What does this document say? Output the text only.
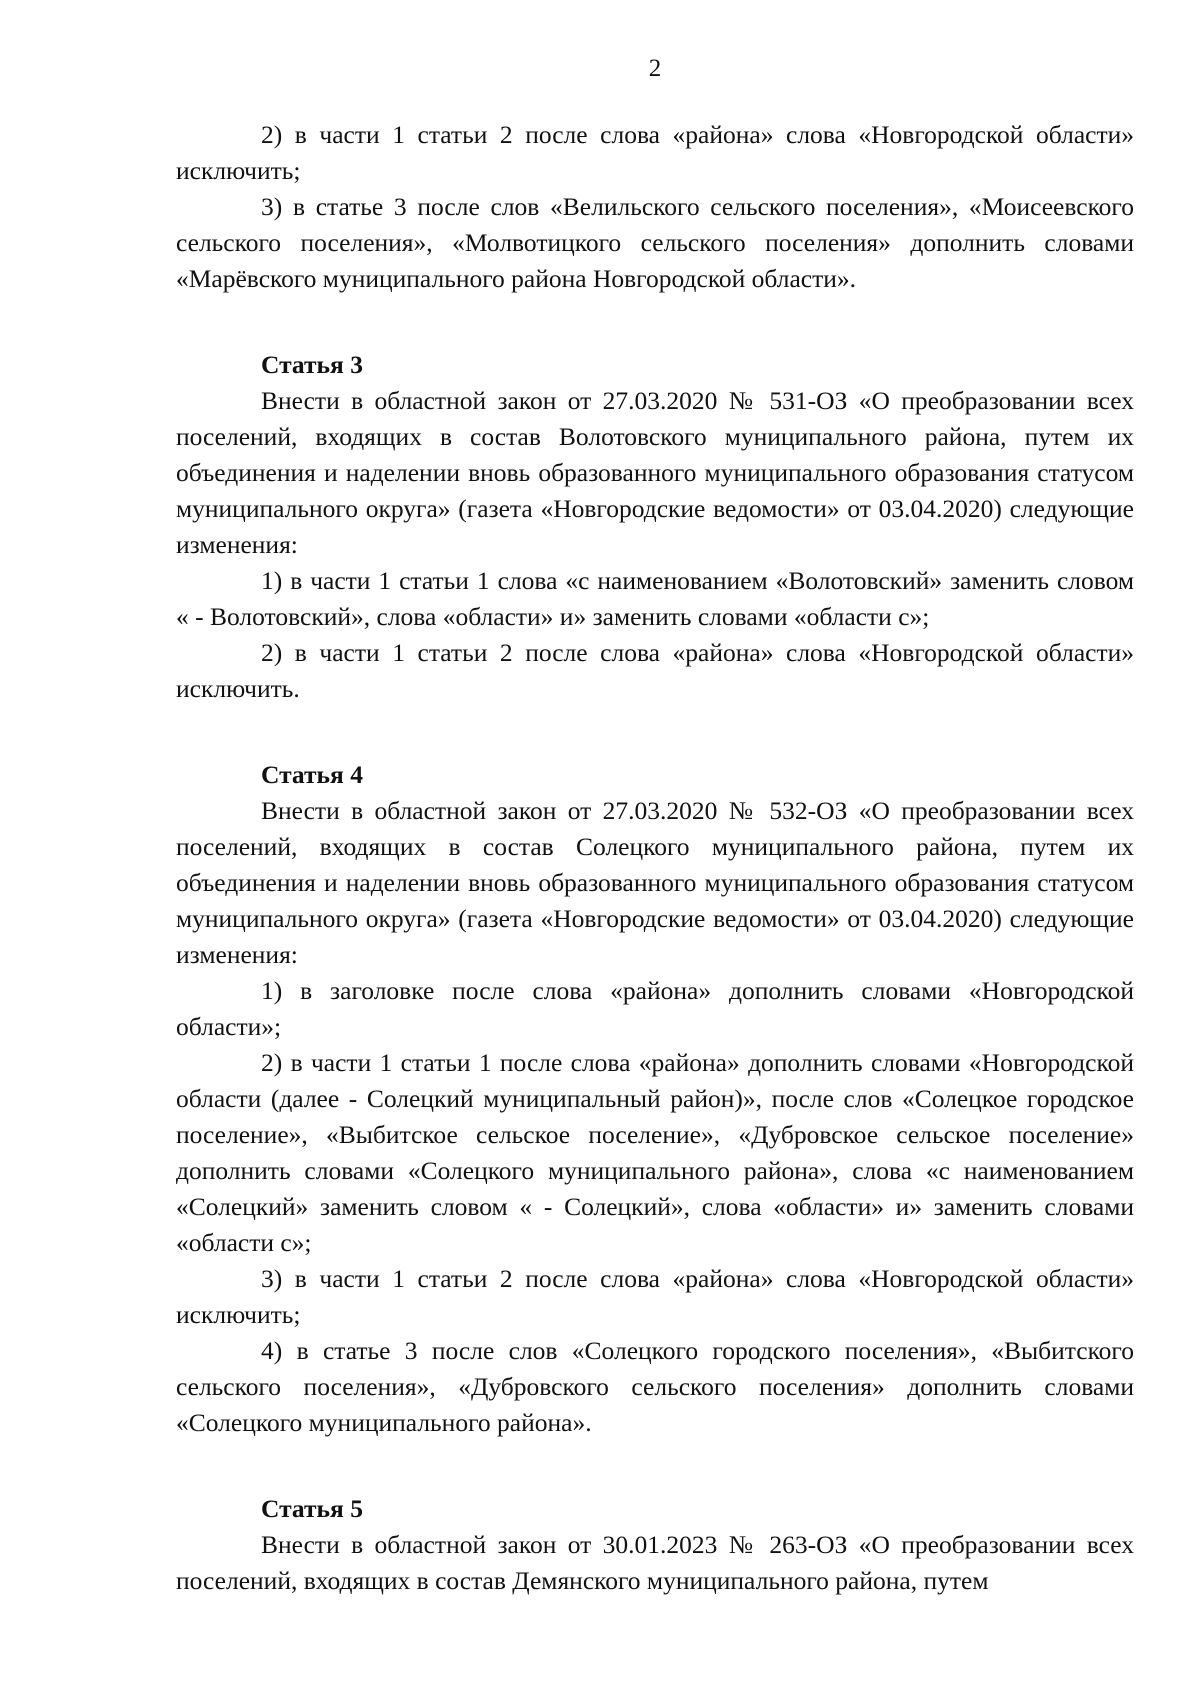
2

2) в части 1 статьи 2 после слова «района» слова «Новгородской области» исключить;

3) в статье 3 после слов «Велильского сельского поселения», «Моисеевского сельского поселения», «Молвотицкого сельского поселения» дополнить словами «Марёвского муниципального района Новгородской области».

Статья 3

Внести в областной закон от 27.03.2020 № 531-ОЗ «О преобразовании всех поселений, входящих в состав Волотовского муниципального района, путем их объединения и наделении вновь образованного муниципального образования статусом муниципального округа» (газета «Новгородские ведомости» от 03.04.2020) следующие изменения:

1) в части 1 статьи 1 слова «с наименованием «Волотовский» заменить словом « - Волотовский», слова «области» и» заменить словами «области с»;

2) в части 1 статьи 2 после слова «района» слова «Новгородской области» исключить.

Статья 4

Внести в областной закон от 27.03.2020 № 532-ОЗ «О преобразовании всех поселений, входящих в состав Солецкого муниципального района, путем их объединения и наделении вновь образованного муниципального образования статусом муниципального округа» (газета «Новгородские ведомости» от 03.04.2020) следующие изменения:

1) в заголовке после слова «района» дополнить словами «Новгородской области»;

2) в части 1 статьи 1 после слова «района» дополнить словами «Новгородской области (далее - Солецкий муниципальный район)», после слов «Солецкое городское поселение», «Выбитское сельское поселение», «Дубровское сельское поселение» дополнить словами «Солецкого муниципального района», слова «с наименованием «Солецкий» заменить словом « - Солецкий», слова «области» и» заменить словами «области с»;

3) в части 1 статьи 2 после слова «района» слова «Новгородской области» исключить;

4) в статье 3 после слов «Солецкого городского поселения», «Выбитского сельского поселения», «Дубровского сельского поселения» дополнить словами «Солецкого муниципального района».

Статья 5

Внести в областной закон от 30.01.2023 № 263-ОЗ «О преобразовании всех поселений, входящих в состав Демянского муниципального района, путем
